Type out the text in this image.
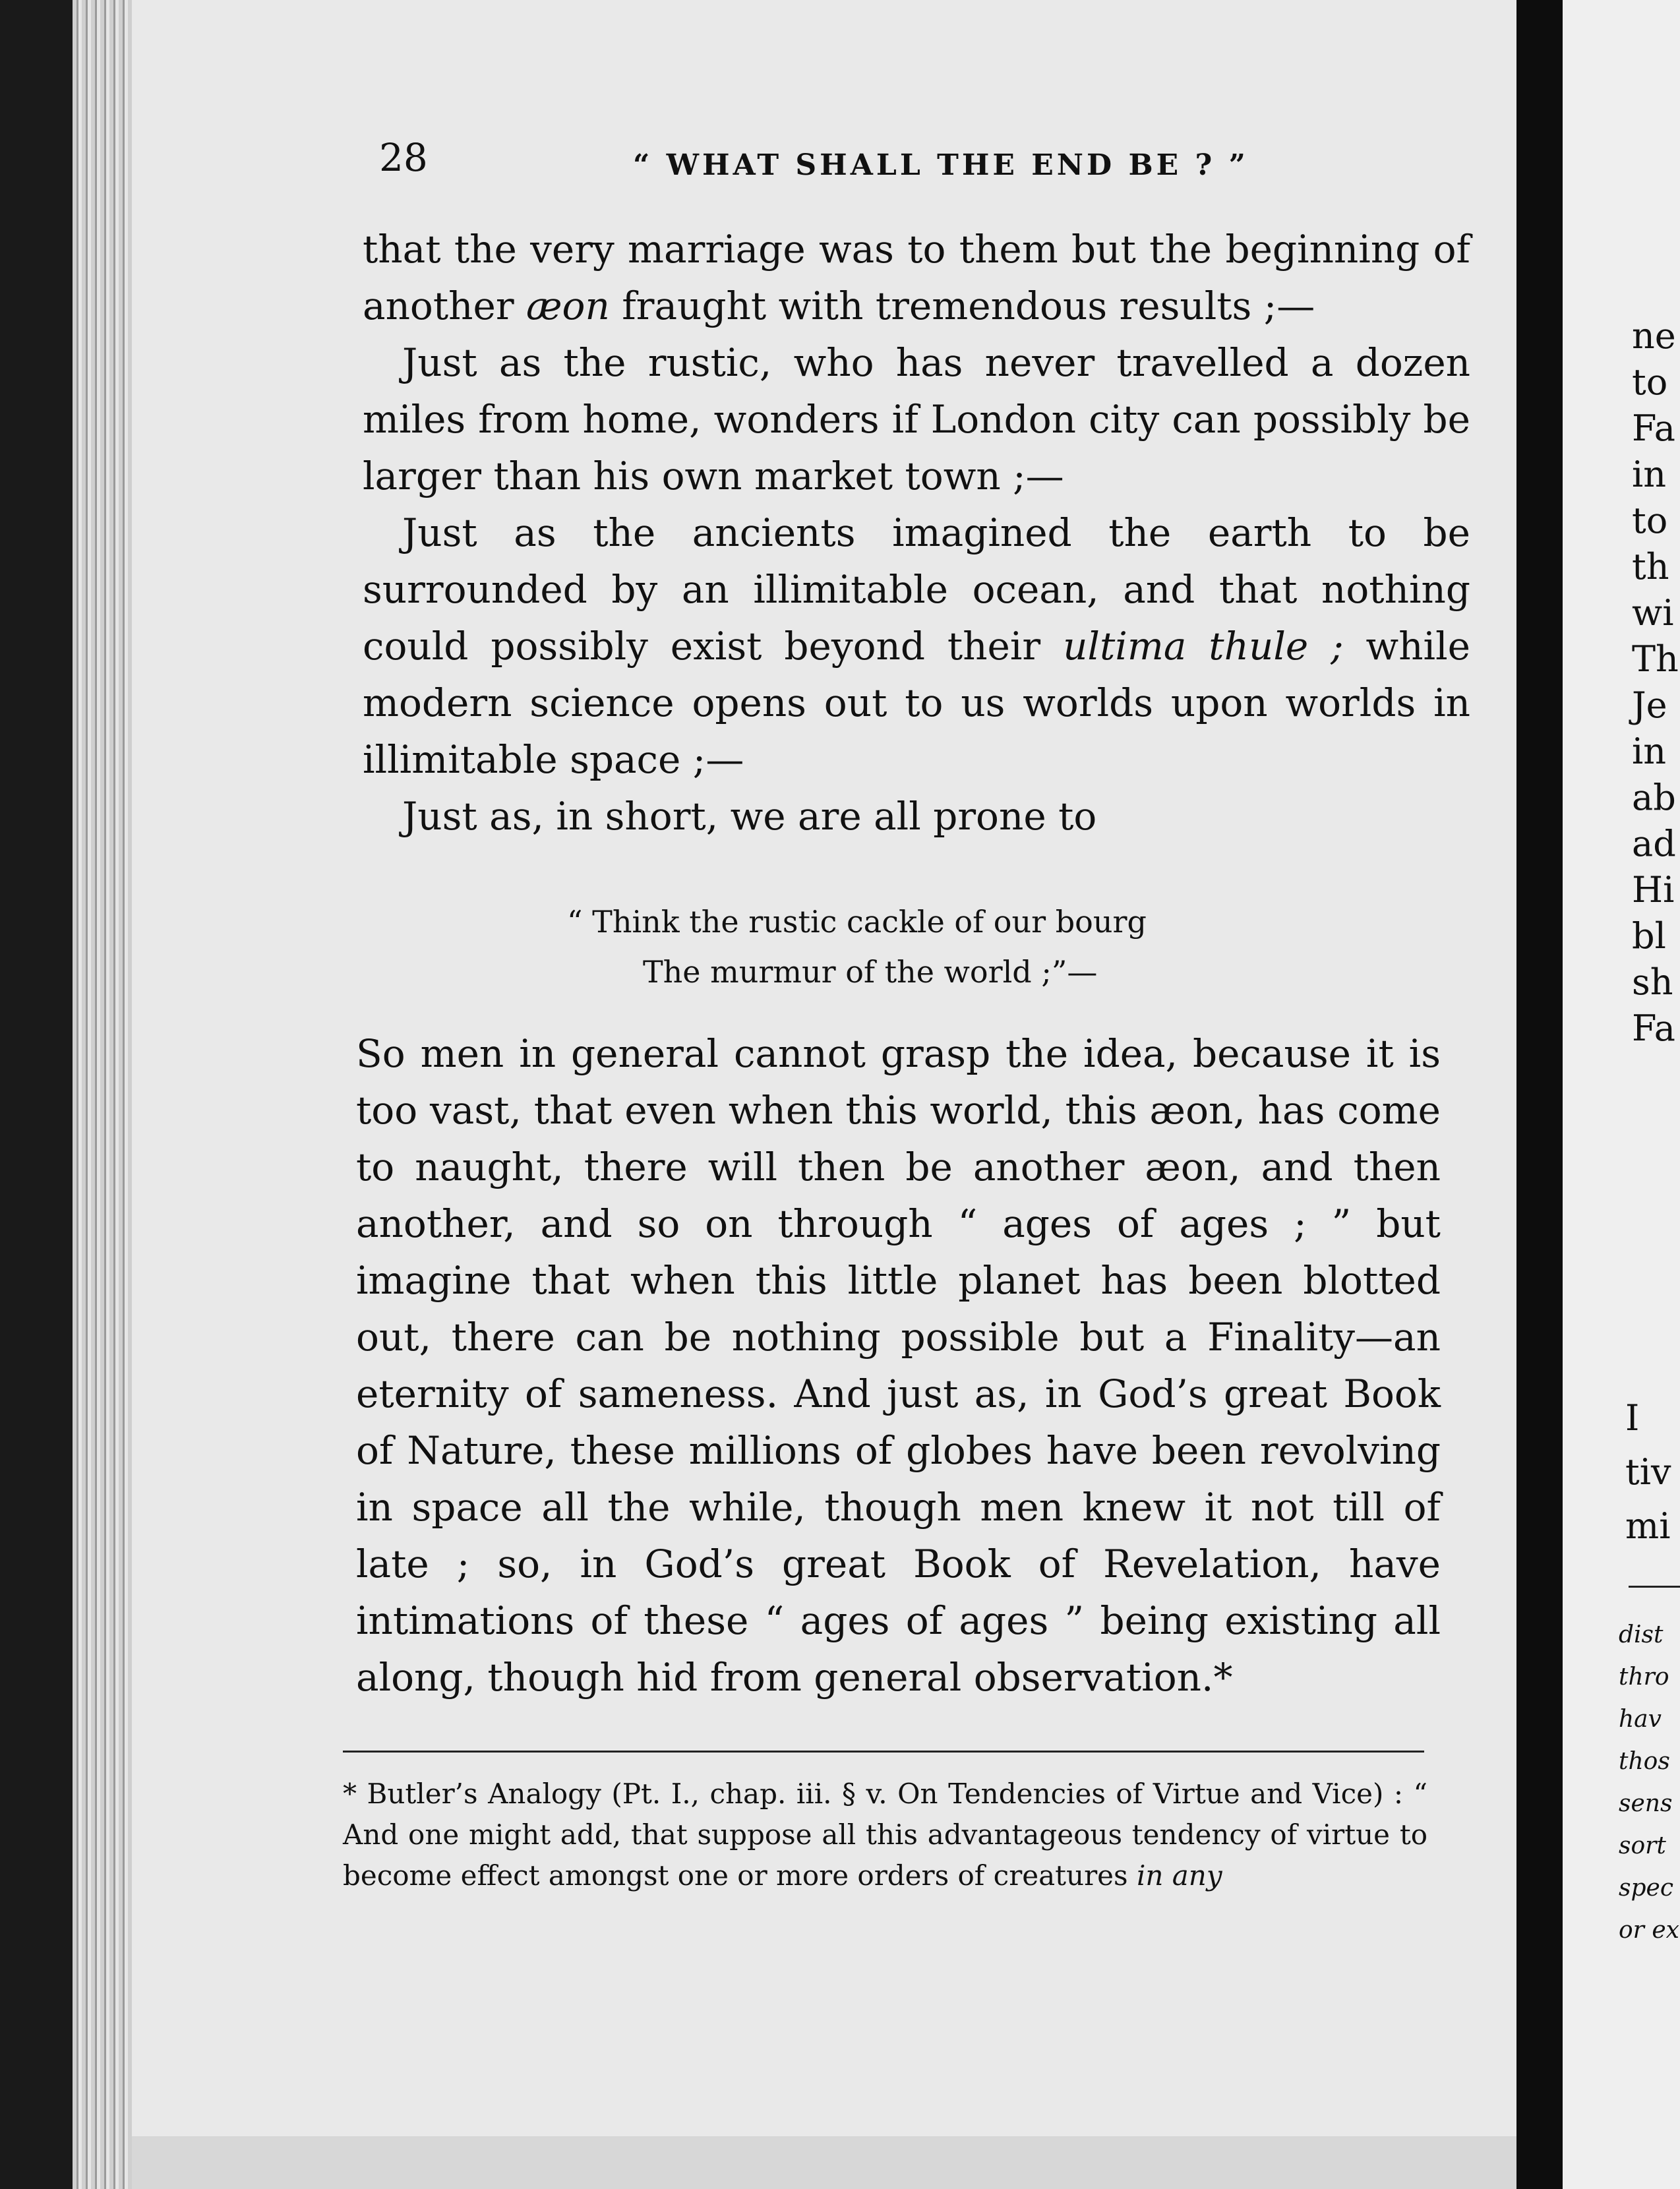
28	“ WHAT SHALL THE END BE ? ”

that the very marriage was to them but the beginning of another æon fraught with tremendous results ;—

Just as the rustic, who has never travelled a dozen miles from home, wonders if London city can possibly be larger than his own market town ;—

Just as the ancients imagined the earth to be surrounded by an illimitable ocean, and that nothing could possibly exist beyond their ultima thule ; while modern science opens out to us worlds upon worlds in illimitable space ;—

Just as, in short, we are all prone to

“ Think the rustic cackle of our bourg
The murmur of the world ;”—
So men in general cannot grasp the idea, because it is too vast, that even when this world, this æon, has come to naught, there will then be another æon, and then another, and so on through “ ages of ages ; ” but imagine that when this little planet has been blotted out, there can be nothing possible but a Finality—an eternity of sameness. And just as, in God’s great Book of Nature, these millions of globes have been revolving in space all the while, though men knew it not till of late ; so, in God’s great Book of Revelation, have intimations of these “ ages of ages ” being existing all along, though hid from general observation.*
* Butler’s Analogy (Pt. I., chap. iii. § v. On Tendencies of Virtue and Vice) : “ And one might add, that suppose all this advantageous tendency of virtue to become effect amongst one or more orders of creatures in any
ne
to
Fa
in
to
th
wi
Th
Je
in
ab
ad
Hi
bl
sh
Fa
I
tiv
mi
dist
thro
hav
thos
sens
sort
spec
or ex
